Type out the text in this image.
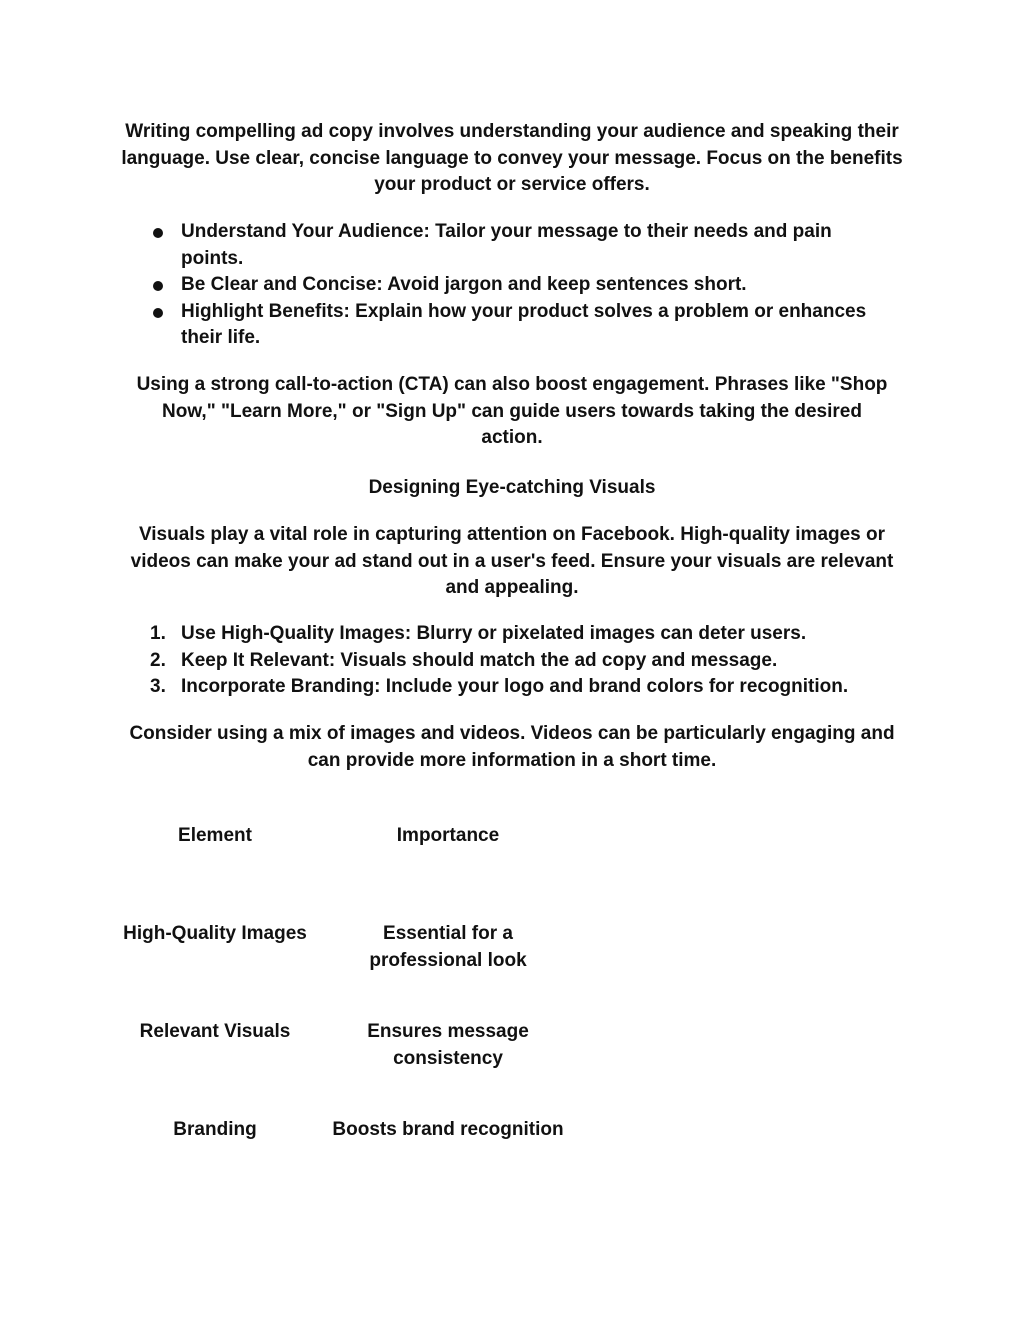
Writing compelling ad copy involves understanding your audience and speaking their language. Use clear, concise language to convey your message. Focus on the benefits your product or service offers.

Understand Your Audience: Tailor your message to their needs and pain points.
Be Clear and Concise: Avoid jargon and keep sentences short.
Highlight Benefits: Explain how your product solves a problem or enhances their life.

Using a strong call-to-action (CTA) can also boost engagement. Phrases like "Shop Now," "Learn More," or "Sign Up" can guide users towards taking the desired action.

Designing Eye-catching Visuals

Visuals play a vital role in capturing attention on Facebook. High-quality images or videos can make your ad stand out in a user's feed. Ensure your visuals are relevant and appealing.

1. Use High-Quality Images: Blurry or pixelated images can deter users.
2. Keep It Relevant: Visuals should match the ad copy and message.
3. Incorporate Branding: Include your logo and brand colors for recognition.

Consider using a mix of images and videos. Videos can be particularly engaging and can provide more information in a short time.

Element	Importance
High-Quality Images	Essential for a professional look
Relevant Visuals	Ensures message consistency
Branding	Boosts brand recognition
